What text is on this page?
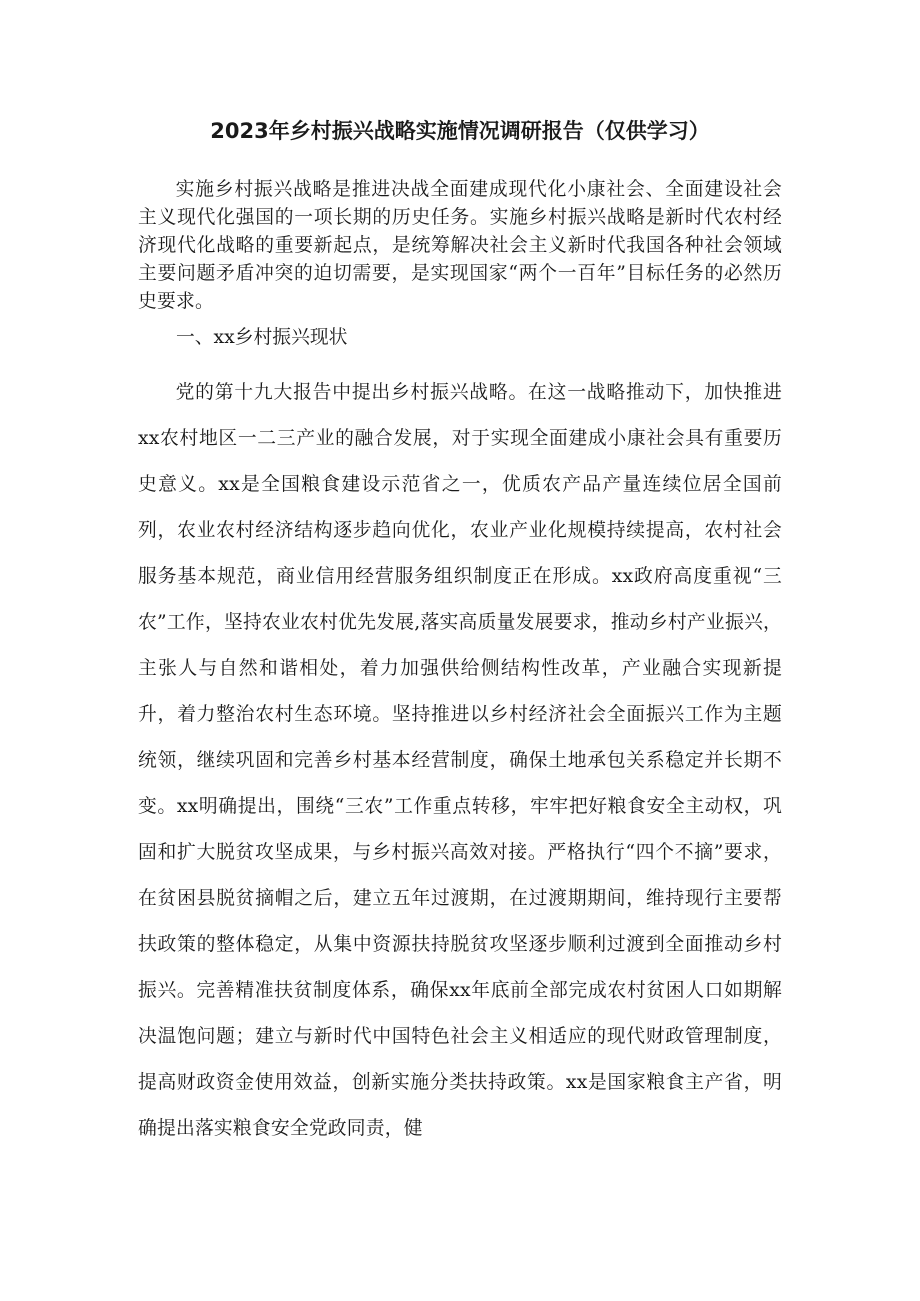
2023年乡村振兴战略实施情况调研报告（仅供学习）

实施乡村振兴战略是推进决战全面建成现代化小康社会、全面建设社会主义现代化强国的一项长期的历史任务。实施乡村振兴战略是新时代农村经济现代化战略的重要新起点，是统筹解决社会主义新时代我国各种社会领域主要问题矛盾冲突的迫切需要，是实现国家“两个一百年”目标任务的必然历史要求。

一、xx乡村振兴现状

党的第十九大报告中提出乡村振兴战略。在这一战略推动下，加快推进xx农村地区一二三产业的融合发展，对于实现全面建成小康社会具有重要历史意义。xx是全国粮食建设示范省之一，优质农产品产量连续位居全国前列，农业农村经济结构逐步趋向优化，农业产业化规模持续提高，农村社会服务基本规范，商业信用经营服务组织制度正在形成。xx政府高度重视“三农”工作，坚持农业农村优先发展,落实高质量发展要求，推动乡村产业振兴，主张人与自然和谐相处，着力加强供给侧结构性改革，产业融合实现新提升，着力整治农村生态环境。坚持推进以乡村经济社会全面振兴工作为主题统领，继续巩固和完善乡村基本经营制度，确保土地承包关系稳定并长期不变。xx明确提出，围绕“三农”工作重点转移，牢牢把好粮食安全主动权，巩固和扩大脱贫攻坚成果，与乡村振兴高效对接。严格执行“四个不摘”要求，在贫困县脱贫摘帽之后，建立五年过渡期，在过渡期期间，维持现行主要帮扶政策的整体稳定，从集中资源扶持脱贫攻坚逐步顺利过渡到全面推动乡村振兴。完善精准扶贫制度体系，确保xx年底前全部完成农村贫困人口如期解决温饱问题；建立与新时代中国特色社会主义相适应的现代财政管理制度，提高财政资金使用效益，创新实施分类扶持政策。xx是国家粮食主产省，明确提出落实粮食安全党政同责，健
